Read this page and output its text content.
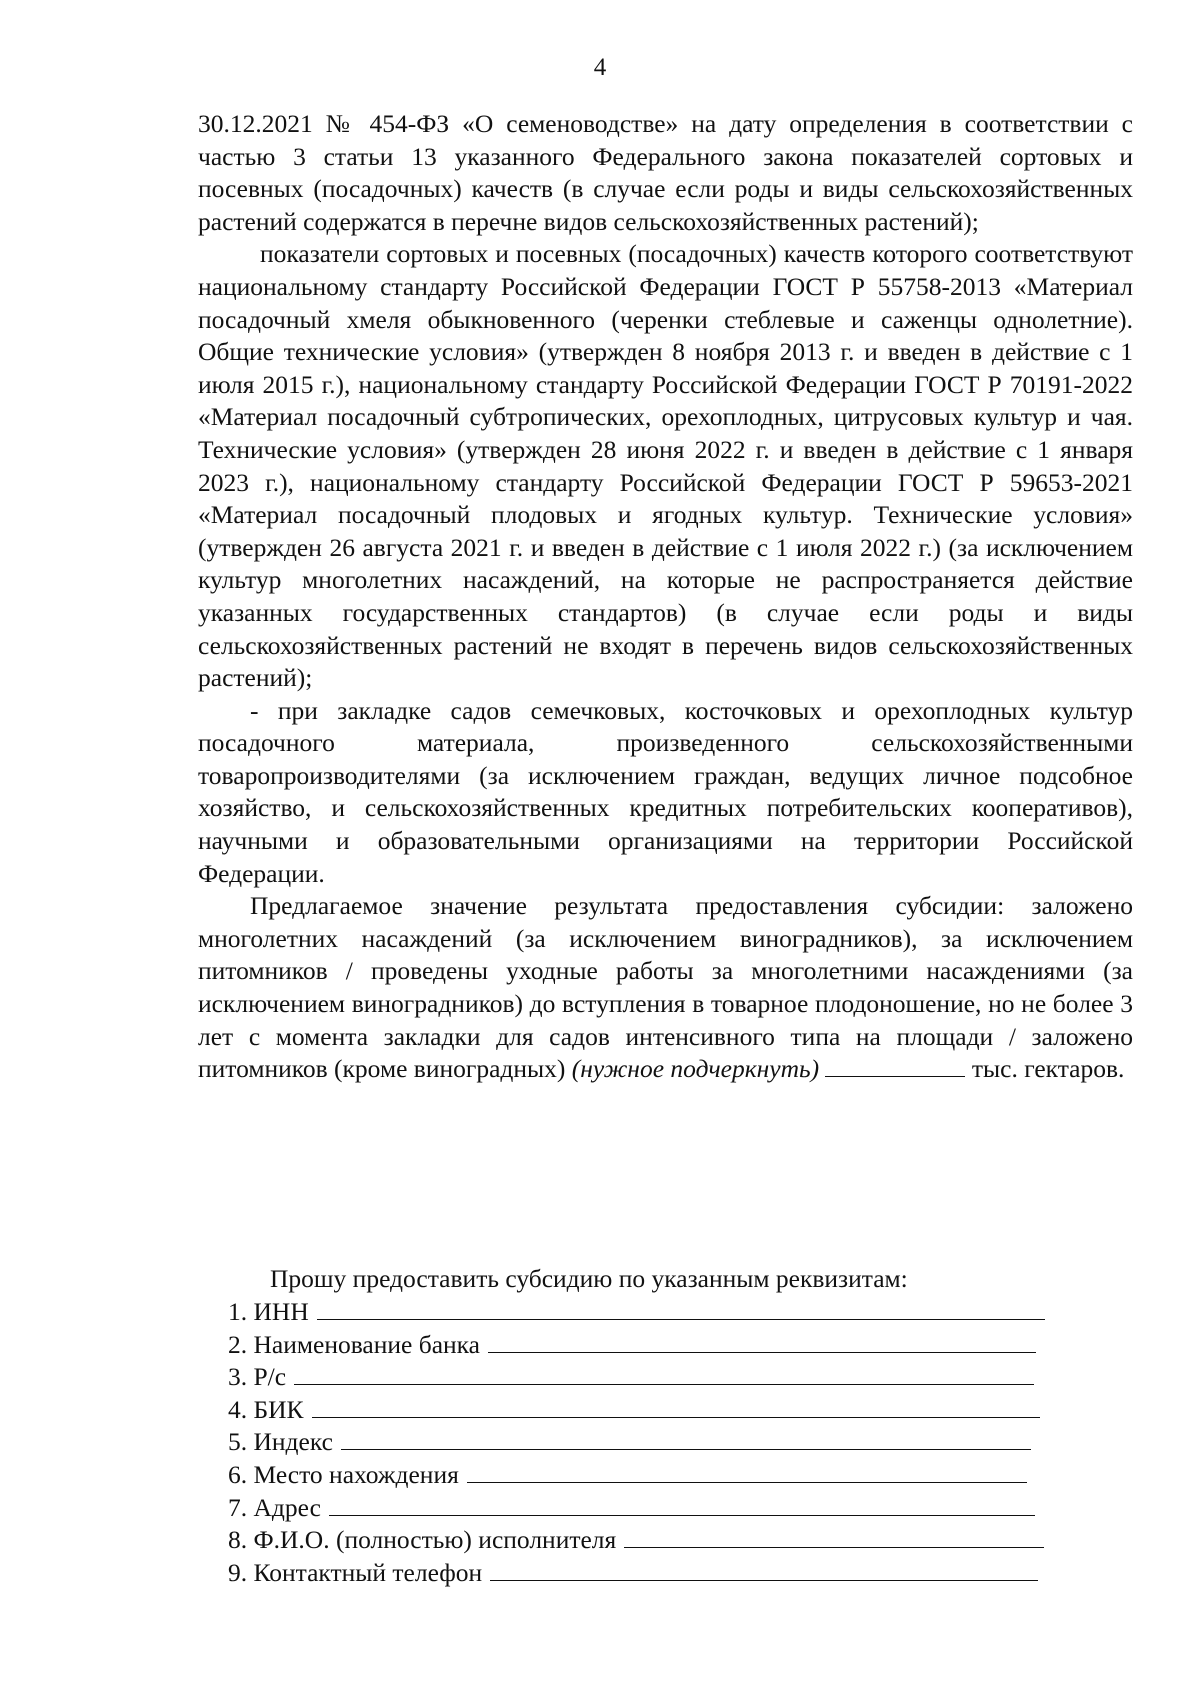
4

30.12.2021 № 454-ФЗ «О семеноводстве» на дату определения в соответствии с частью 3 статьи 13 указанного Федерального закона показателей сортовых и посевных (посадочных) качеств (в случае если роды и виды сельскохозяйственных растений содержатся в перечне видов сельскохозяйственных растений);

показатели сортовых и посевных (посадочных) качеств которого соответствуют национальному стандарту Российской Федерации ГОСТ Р 55758-2013 «Материал посадочный хмеля обыкновенного (черенки стеблевые и саженцы однолетние). Общие технические условия» (утвержден 8 ноября 2013 г. и введен в действие с 1 июля 2015 г.), национальному стандарту Российской Федерации ГОСТ Р 70191-2022 «Материал посадочный субтропических, орехоплодных, цитрусовых культур и чая. Технические условия» (утвержден 28 июня 2022 г. и введен в действие с 1 января 2023 г.), национальному стандарту Российской Федерации ГОСТ Р 59653-2021 «Материал посадочный плодовых и ягодных культур. Технические условия» (утвержден 26 августа 2021 г. и введен в действие с 1 июля 2022 г.) (за исключением культур многолетних насаждений, на которые не распространяется действие указанных государственных стандартов) (в случае если роды и виды сельскохозяйственных растений не входят в перечень видов сельскохозяйственных растений);

- при закладке садов семечковых, косточковых и орехоплодных культур посадочного материала, произведенного сельскохозяйственными товаропроизводителями (за исключением граждан, ведущих личное подсобное хозяйство, и сельскохозяйственных кредитных потребительских кооперативов), научными и образовательными организациями на территории Российской Федерации.

Предлагаемое значение результата предоставления субсидии: заложено многолетних насаждений (за исключением виноградников), за исключением питомников / проведены уходные работы за многолетними насаждениями (за исключением виноградников) до вступления в товарное плодоношение, но не более 3 лет с момента закладки для садов интенсивного типа на площади / заложено питомников (кроме виноградных) (нужное подчеркнуть)	тыс. гектаров.

Прошу предоставить субсидию по указанным реквизитам:
1. ИНН
2. Наименование банка
3. Р/с
4. БИК
5. Индекс
6. Место нахождения
7. Адрес
8. Ф.И.О. (полностью) исполнителя
9. Контактный телефон
